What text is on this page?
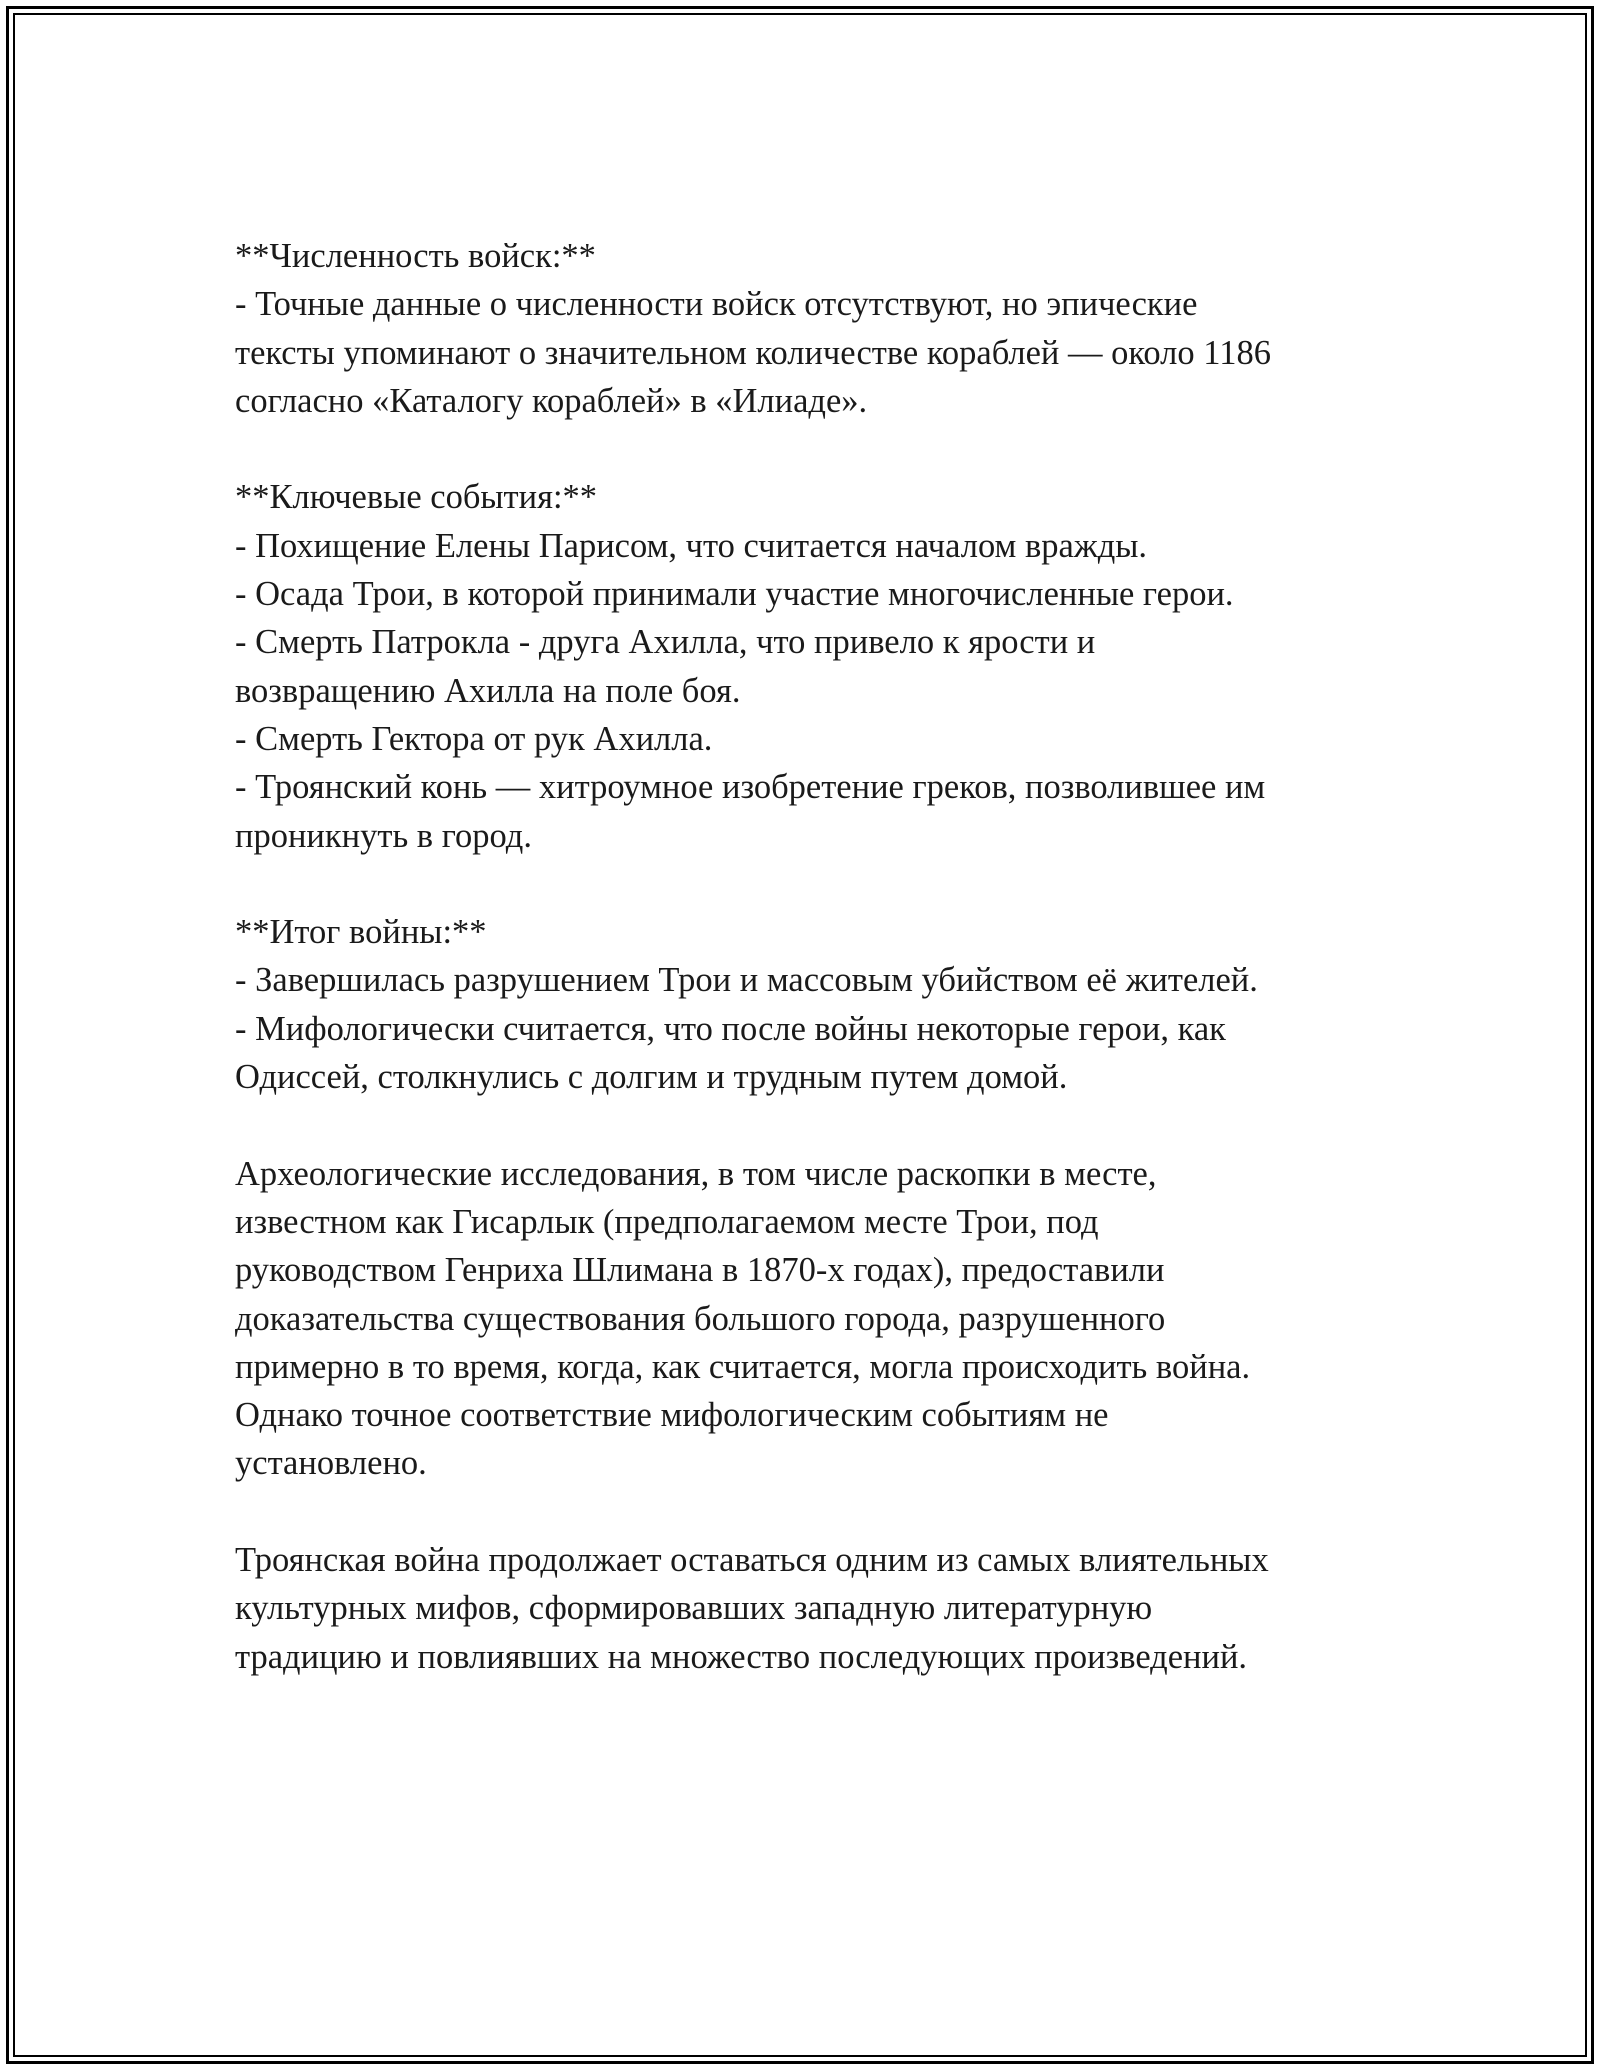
**Численность войск:**
- Точные данные о численности войск отсутствуют, но эпические
тексты упоминают о значительном количестве кораблей — около 1186
согласно «Каталогу кораблей» в «Илиаде».
**Ключевые события:**
- Похищение Елены Парисом, что считается началом вражды.
- Осада Трои, в которой принимали участие многочисленные герои.
- Смерть Патрокла - друга Ахилла, что привело к ярости и
возвращению Ахилла на поле боя.
- Смерть Гектора от рук Ахилла.
- Троянский конь — хитроумное изобретение греков, позволившее им
проникнуть в город.
**Итог войны:**
- Завершилась разрушением Трои и массовым убийством её жителей.
- Мифологически считается, что после войны некоторые герои, как
Одиссей, столкнулись с долгим и трудным путем домой.
Археологические исследования, в том числе раскопки в месте,
известном как Гисарлык (предполагаемом месте Трои, под
руководством Генриха Шлимана в 1870-х годах), предоставили
доказательства существования большого города, разрушенного
примерно в то время, когда, как считается, могла происходить война.
Однако точное соответствие мифологическим событиям не
установлено.
Троянская война продолжает оставаться одним из самых влиятельных
культурных мифов, сформировавших западную литературную
традицию и повлиявших на множество последующих произведений.
